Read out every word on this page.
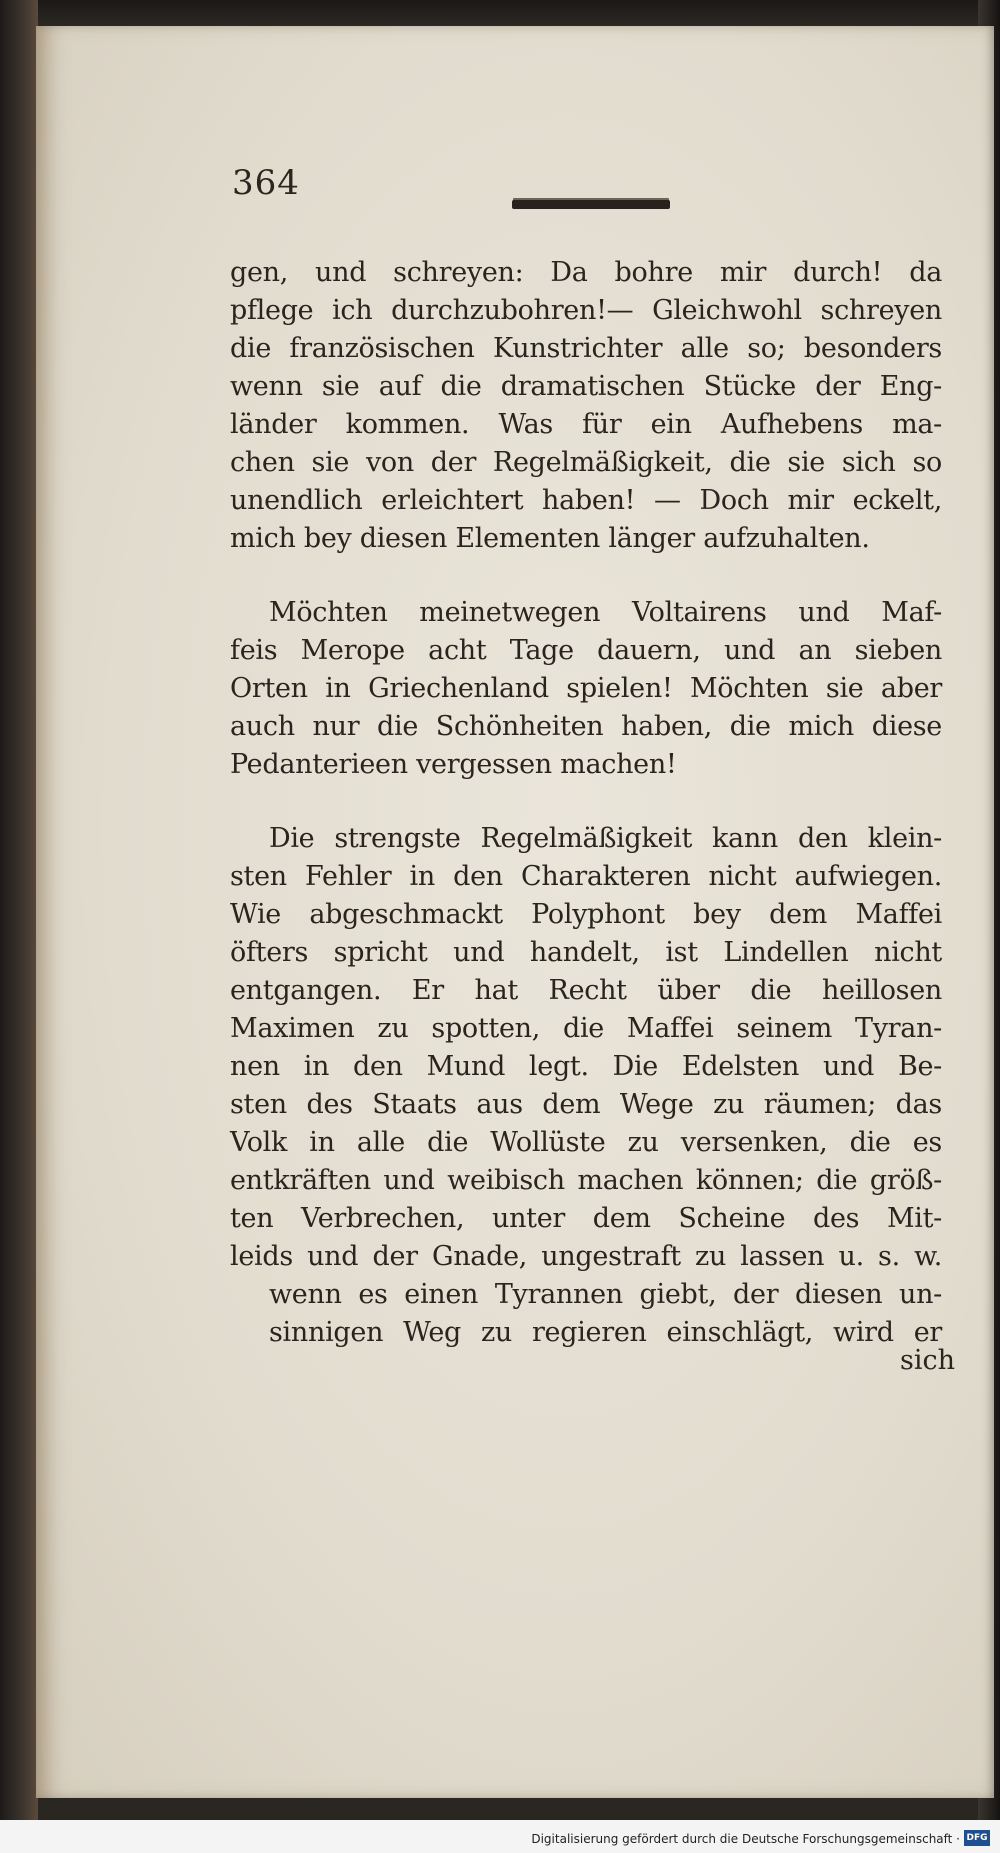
364
gen, und schreyen: Da bohre mir durch! da
pflege ich durchzubohren!— Gleichwohl schreyen
die französischen Kunstrichter alle so; besonders
wenn sie auf die dramatischen Stücke der Eng-
länder kommen. Was für ein Aufhebens ma-
chen sie von der Regelmäßigkeit, die sie sich so
unendlich erleichtert haben! — Doch mir eckelt,
mich bey diesen Elementen länger aufzuhalten.
Möchten meinetwegen Voltairens und Maf-
feis Merope acht Tage dauern, und an sieben
Orten in Griechenland spielen! Möchten sie aber
auch nur die Schönheiten haben, die mich diese
Pedanterieen vergessen machen!
Die strengste Regelmäßigkeit kann den klein-
sten Fehler in den Charakteren nicht aufwiegen.
Wie abgeschmackt Polyphont bey dem Maffei
öfters spricht und handelt, ist Lindellen nicht
entgangen. Er hat Recht über die heillosen
Maximen zu spotten, die Maffei seinem Tyran-
nen in den Mund legt. Die Edelsten und Be-
sten des Staats aus dem Wege zu räumen; das
Volk in alle die Wollüste zu versenken, die es
entkräften und weibisch machen können; die größ-
ten Verbrechen, unter dem Scheine des Mit-
leids und der Gnade, ungestraft zu lassen u. s. w.
wenn es einen Tyrannen giebt, der diesen un-
sinnigen Weg zu regieren einschlägt, wird er
sich
Digitalisierung gefördert durch die Deutsche Forschungsgemeinschaft · DFG
